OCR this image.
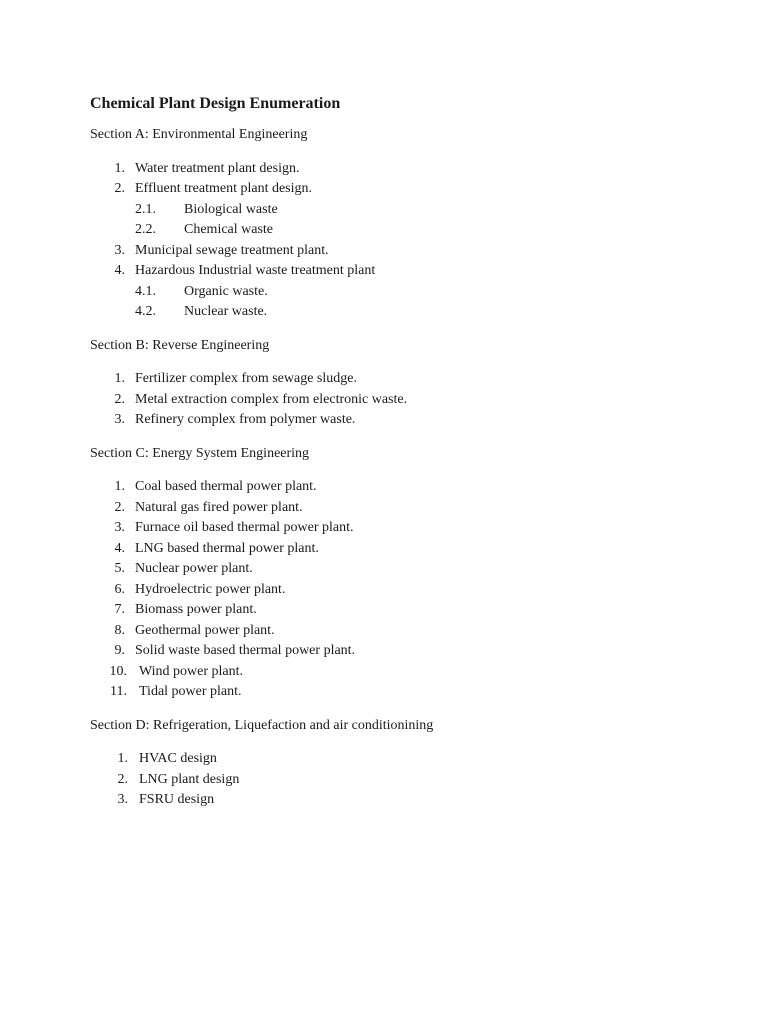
Chemical Plant Design Enumeration
Section A: Environmental Engineering
1. Water treatment plant design.
2. Effluent treatment plant design.
2.1. Biological waste
2.2. Chemical waste
3. Municipal sewage treatment plant.
4. Hazardous Industrial waste treatment plant
4.1. Organic waste.
4.2. Nuclear waste.
Section B: Reverse Engineering
1. Fertilizer complex from sewage sludge.
2. Metal extraction complex from electronic waste.
3. Refinery complex from polymer waste.
Section C: Energy System Engineering
1. Coal based thermal power plant.
2. Natural gas fired power plant.
3. Furnace oil based thermal power plant.
4. LNG based thermal power plant.
5. Nuclear power plant.
6. Hydroelectric power plant.
7. Biomass power plant.
8. Geothermal power plant.
9. Solid waste based thermal power plant.
10. Wind power plant.
11. Tidal power plant.
Section D: Refrigeration, Liquefaction and air conditionining
1. HVAC design
2. LNG plant design
3. FSRU design
